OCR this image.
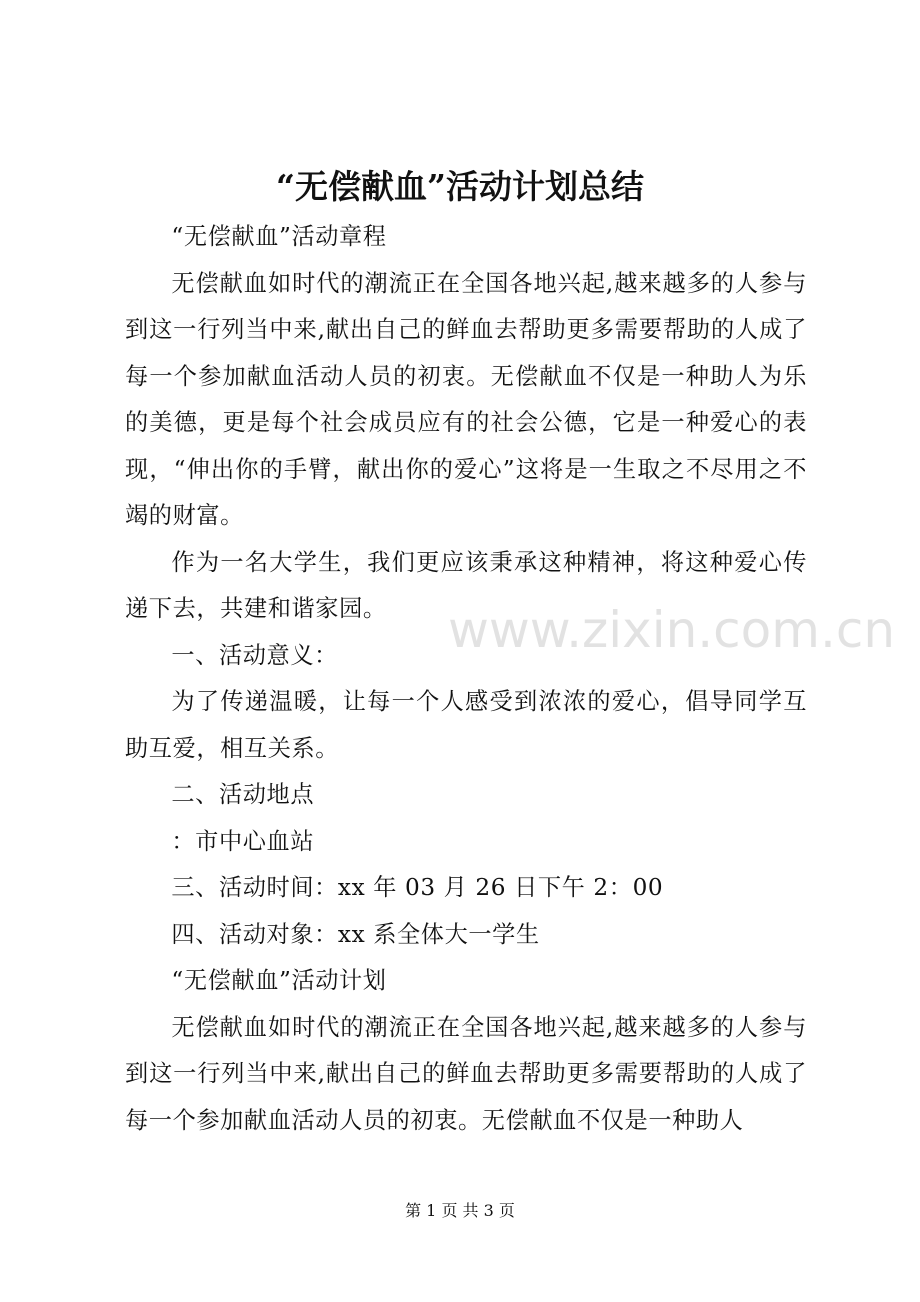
“无偿献血”活动计划总结

“无偿献血”活动章程

无偿献血如时代的潮流正在全国各地兴起,越来越多的人参与到这一行列当中来,献出自己的鲜血去帮助更多需要帮助的人成了每一个参加献血活动人员的初衷。无偿献血不仅是一种助人为乐的美德，更是每个社会成员应有的社会公德，它是一种爱心的表现，“伸出你的手臂，献出你的爱心”这将是一生取之不尽用之不竭的财富。

作为一名大学生，我们更应该秉承这种精神，将这种爱心传递下去，共建和谐家园。

一、活动意义：

为了传递温暖，让每一个人感受到浓浓的爱心，倡导同学互助互爱，相互关系。

二、活动地点

：市中心血站

三、活动时间：xx 年 03 月 26 日下午 2：00

四、活动对象：xx 系全体大一学生

“无偿献血”活动计划

无偿献血如时代的潮流正在全国各地兴起,越来越多的人参与到这一行列当中来,献出自己的鲜血去帮助更多需要帮助的人成了每一个参加献血活动人员的初衷。无偿献血不仅是一种助人

www.zixin.com.cn
第 1 页 共 3 页
